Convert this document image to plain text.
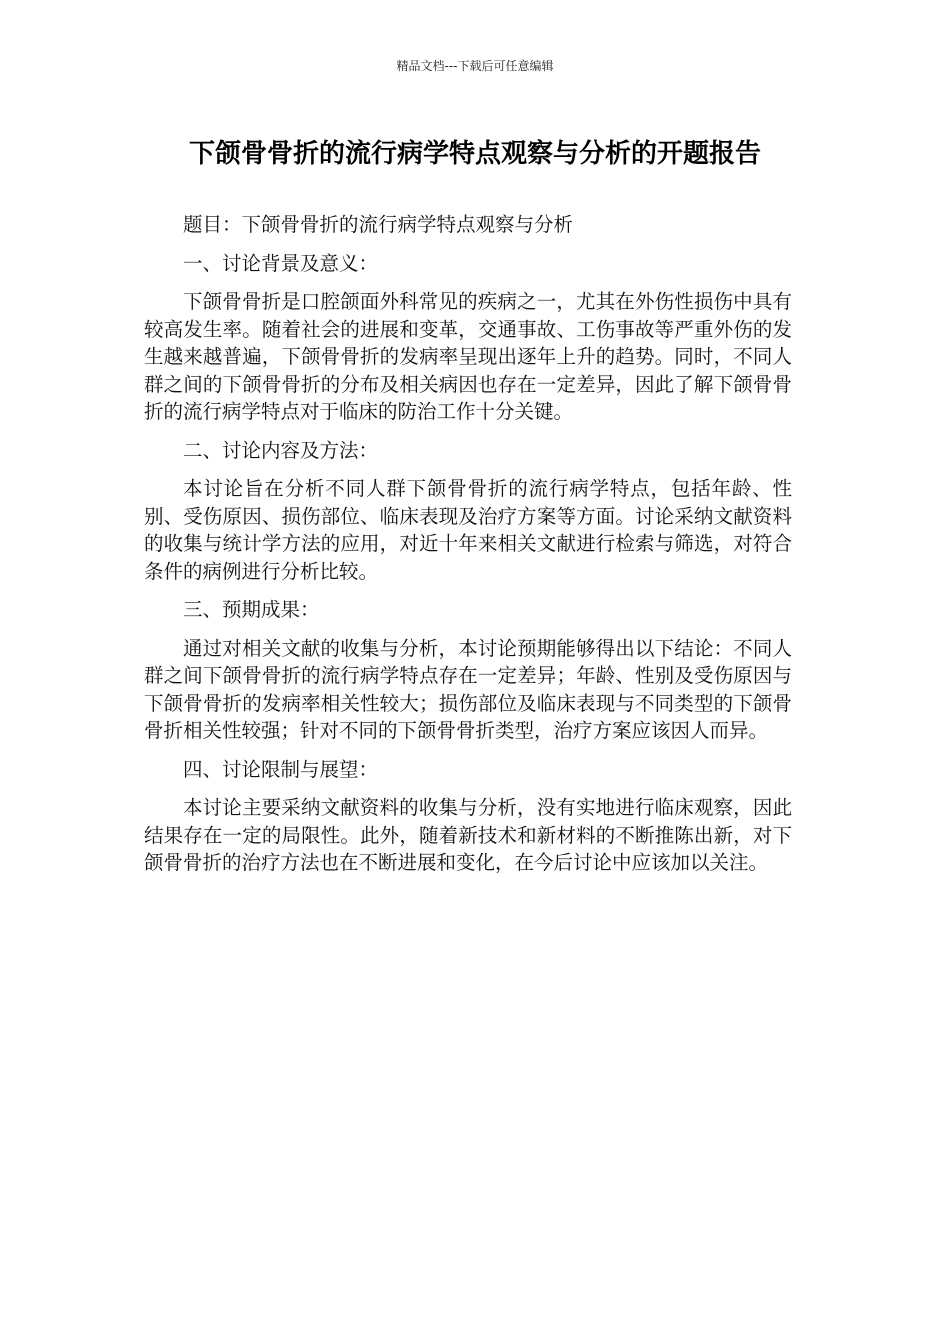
精品文档---下载后可任意编辑
下颌骨骨折的流行病学特点观察与分析的开题报告

题目：下颌骨骨折的流行病学特点观察与分析

一、讨论背景及意义：

下颌骨骨折是口腔颌面外科常见的疾病之一，尤其在外伤性损伤中具有较高发生率。随着社会的进展和变革，交通事故、工伤事故等严重外伤的发生越来越普遍，下颌骨骨折的发病率呈现出逐年上升的趋势。同时，不同人群之间的下颌骨骨折的分布及相关病因也存在一定差异，因此了解下颌骨骨折的流行病学特点对于临床的防治工作十分关键。

二、讨论内容及方法：

本讨论旨在分析不同人群下颌骨骨折的流行病学特点，包括年龄、性别、受伤原因、损伤部位、临床表现及治疗方案等方面。讨论采纳文献资料的收集与统计学方法的应用，对近十年来相关文献进行检索与筛选，对符合条件的病例进行分析比较。

三、预期成果：

通过对相关文献的收集与分析，本讨论预期能够得出以下结论：不同人群之间下颌骨骨折的流行病学特点存在一定差异；年龄、性别及受伤原因与下颌骨骨折的发病率相关性较大；损伤部位及临床表现与不同类型的下颌骨骨折相关性较强；针对不同的下颌骨骨折类型，治疗方案应该因人而异。

四、讨论限制与展望：

本讨论主要采纳文献资料的收集与分析，没有实地进行临床观察，因此结果存在一定的局限性。此外，随着新技术和新材料的不断推陈出新，对下颌骨骨折的治疗方法也在不断进展和变化，在今后讨论中应该加以关注。
